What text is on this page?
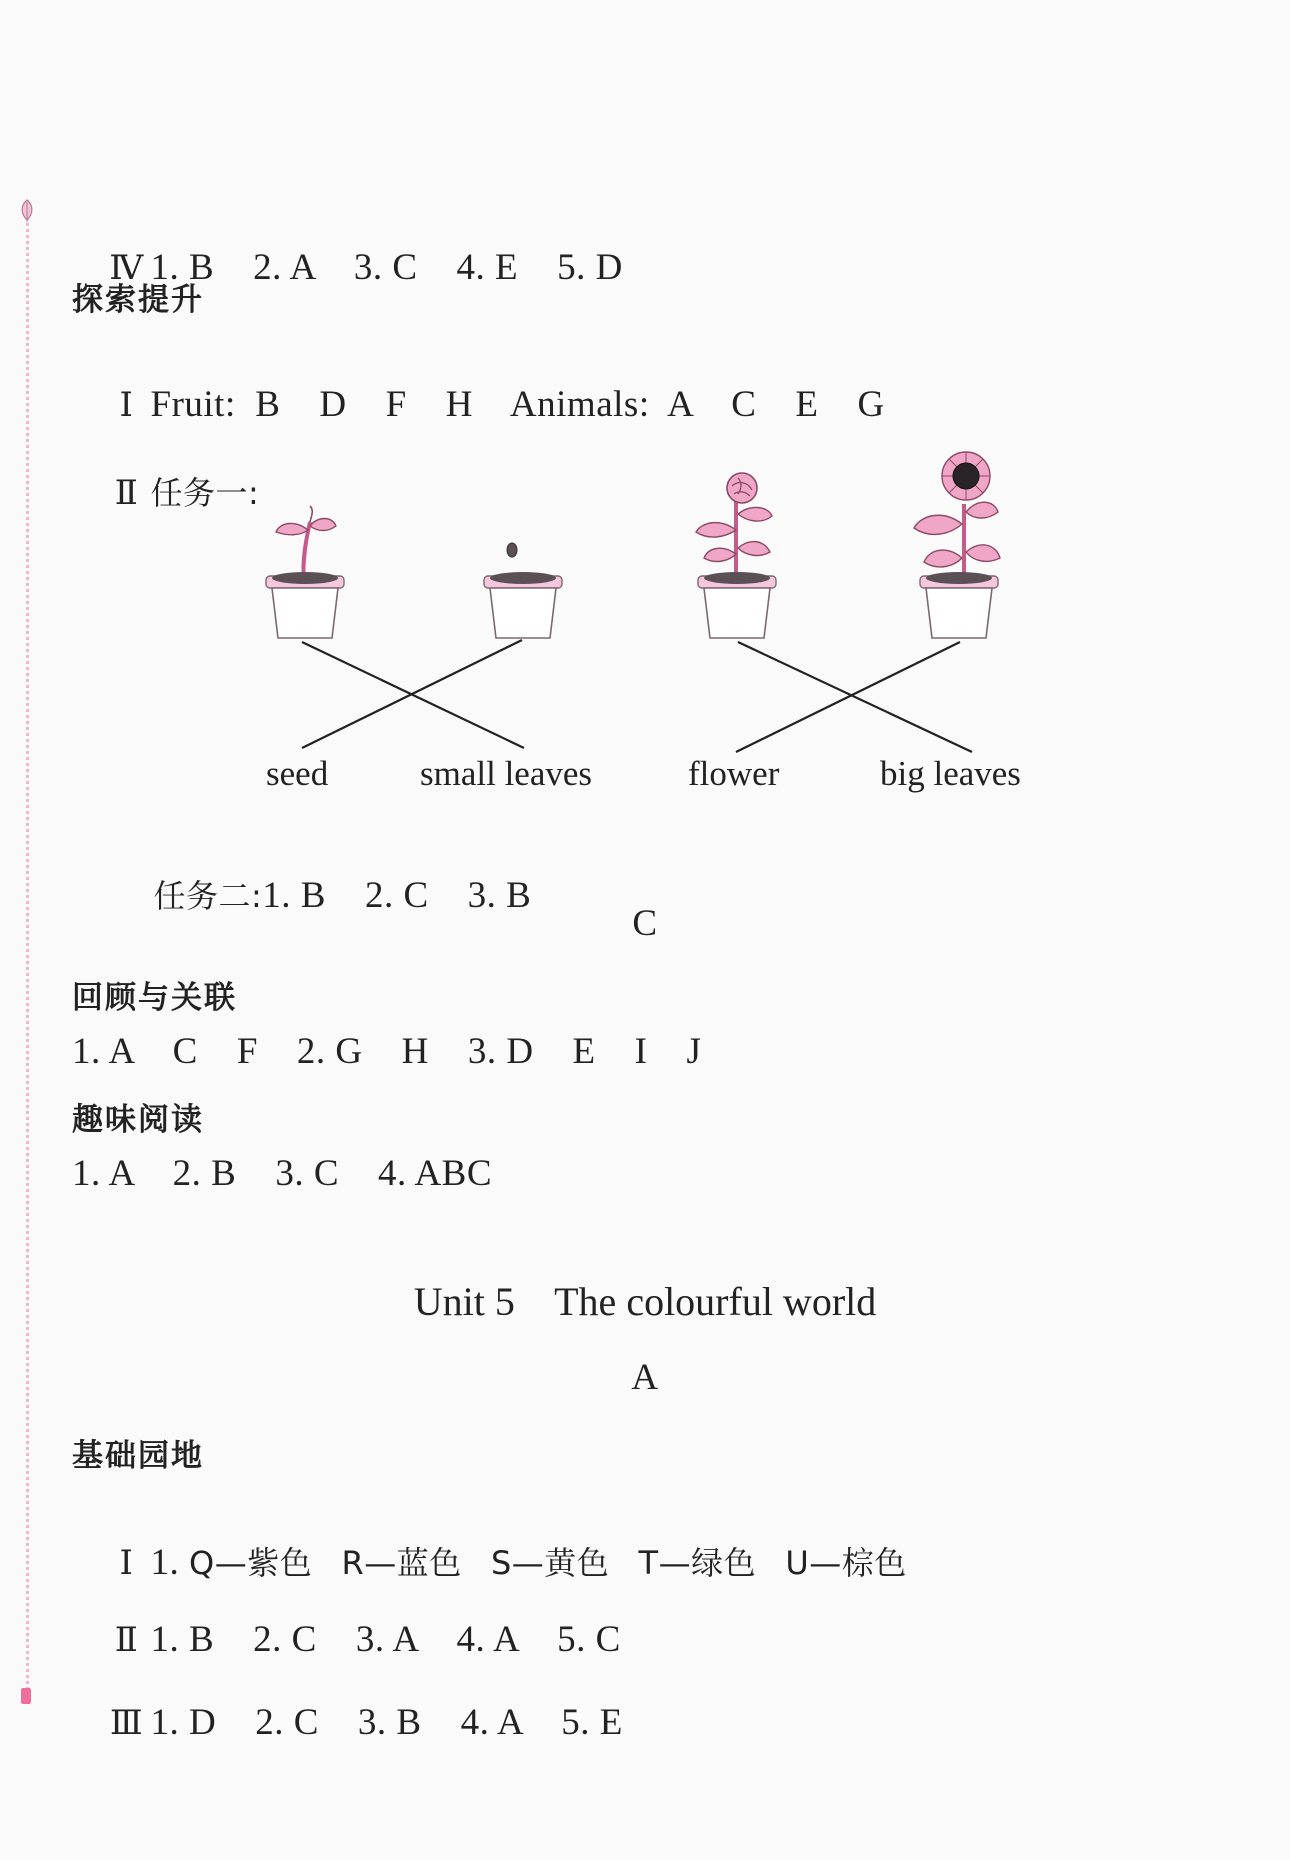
Ⅳ 1. B    2. A    3. C    4. E    5. D

探索提升

Ⅰ Fruit:  B    D    F    H Animals:  A    C    E    G

Ⅱ 任务一:

seed	small leaves	flower	big leaves

任务二:1. B    2. C    3. B

C
回顾与关联
1. A    C    F    2. G    H    3. D    E    I    J
趣味阅读
1. A    2. B    3. C    4. ABC
Unit 5 The colourful world
A
基础园地

Ⅰ 1. Q—紫色 R—蓝色 S—黄色 T—绿色 U—棕色

Ⅱ 1. B    2. C    3. A    4. A    5. C

Ⅲ 1. D    2. C    3. B    4. A    5. E
